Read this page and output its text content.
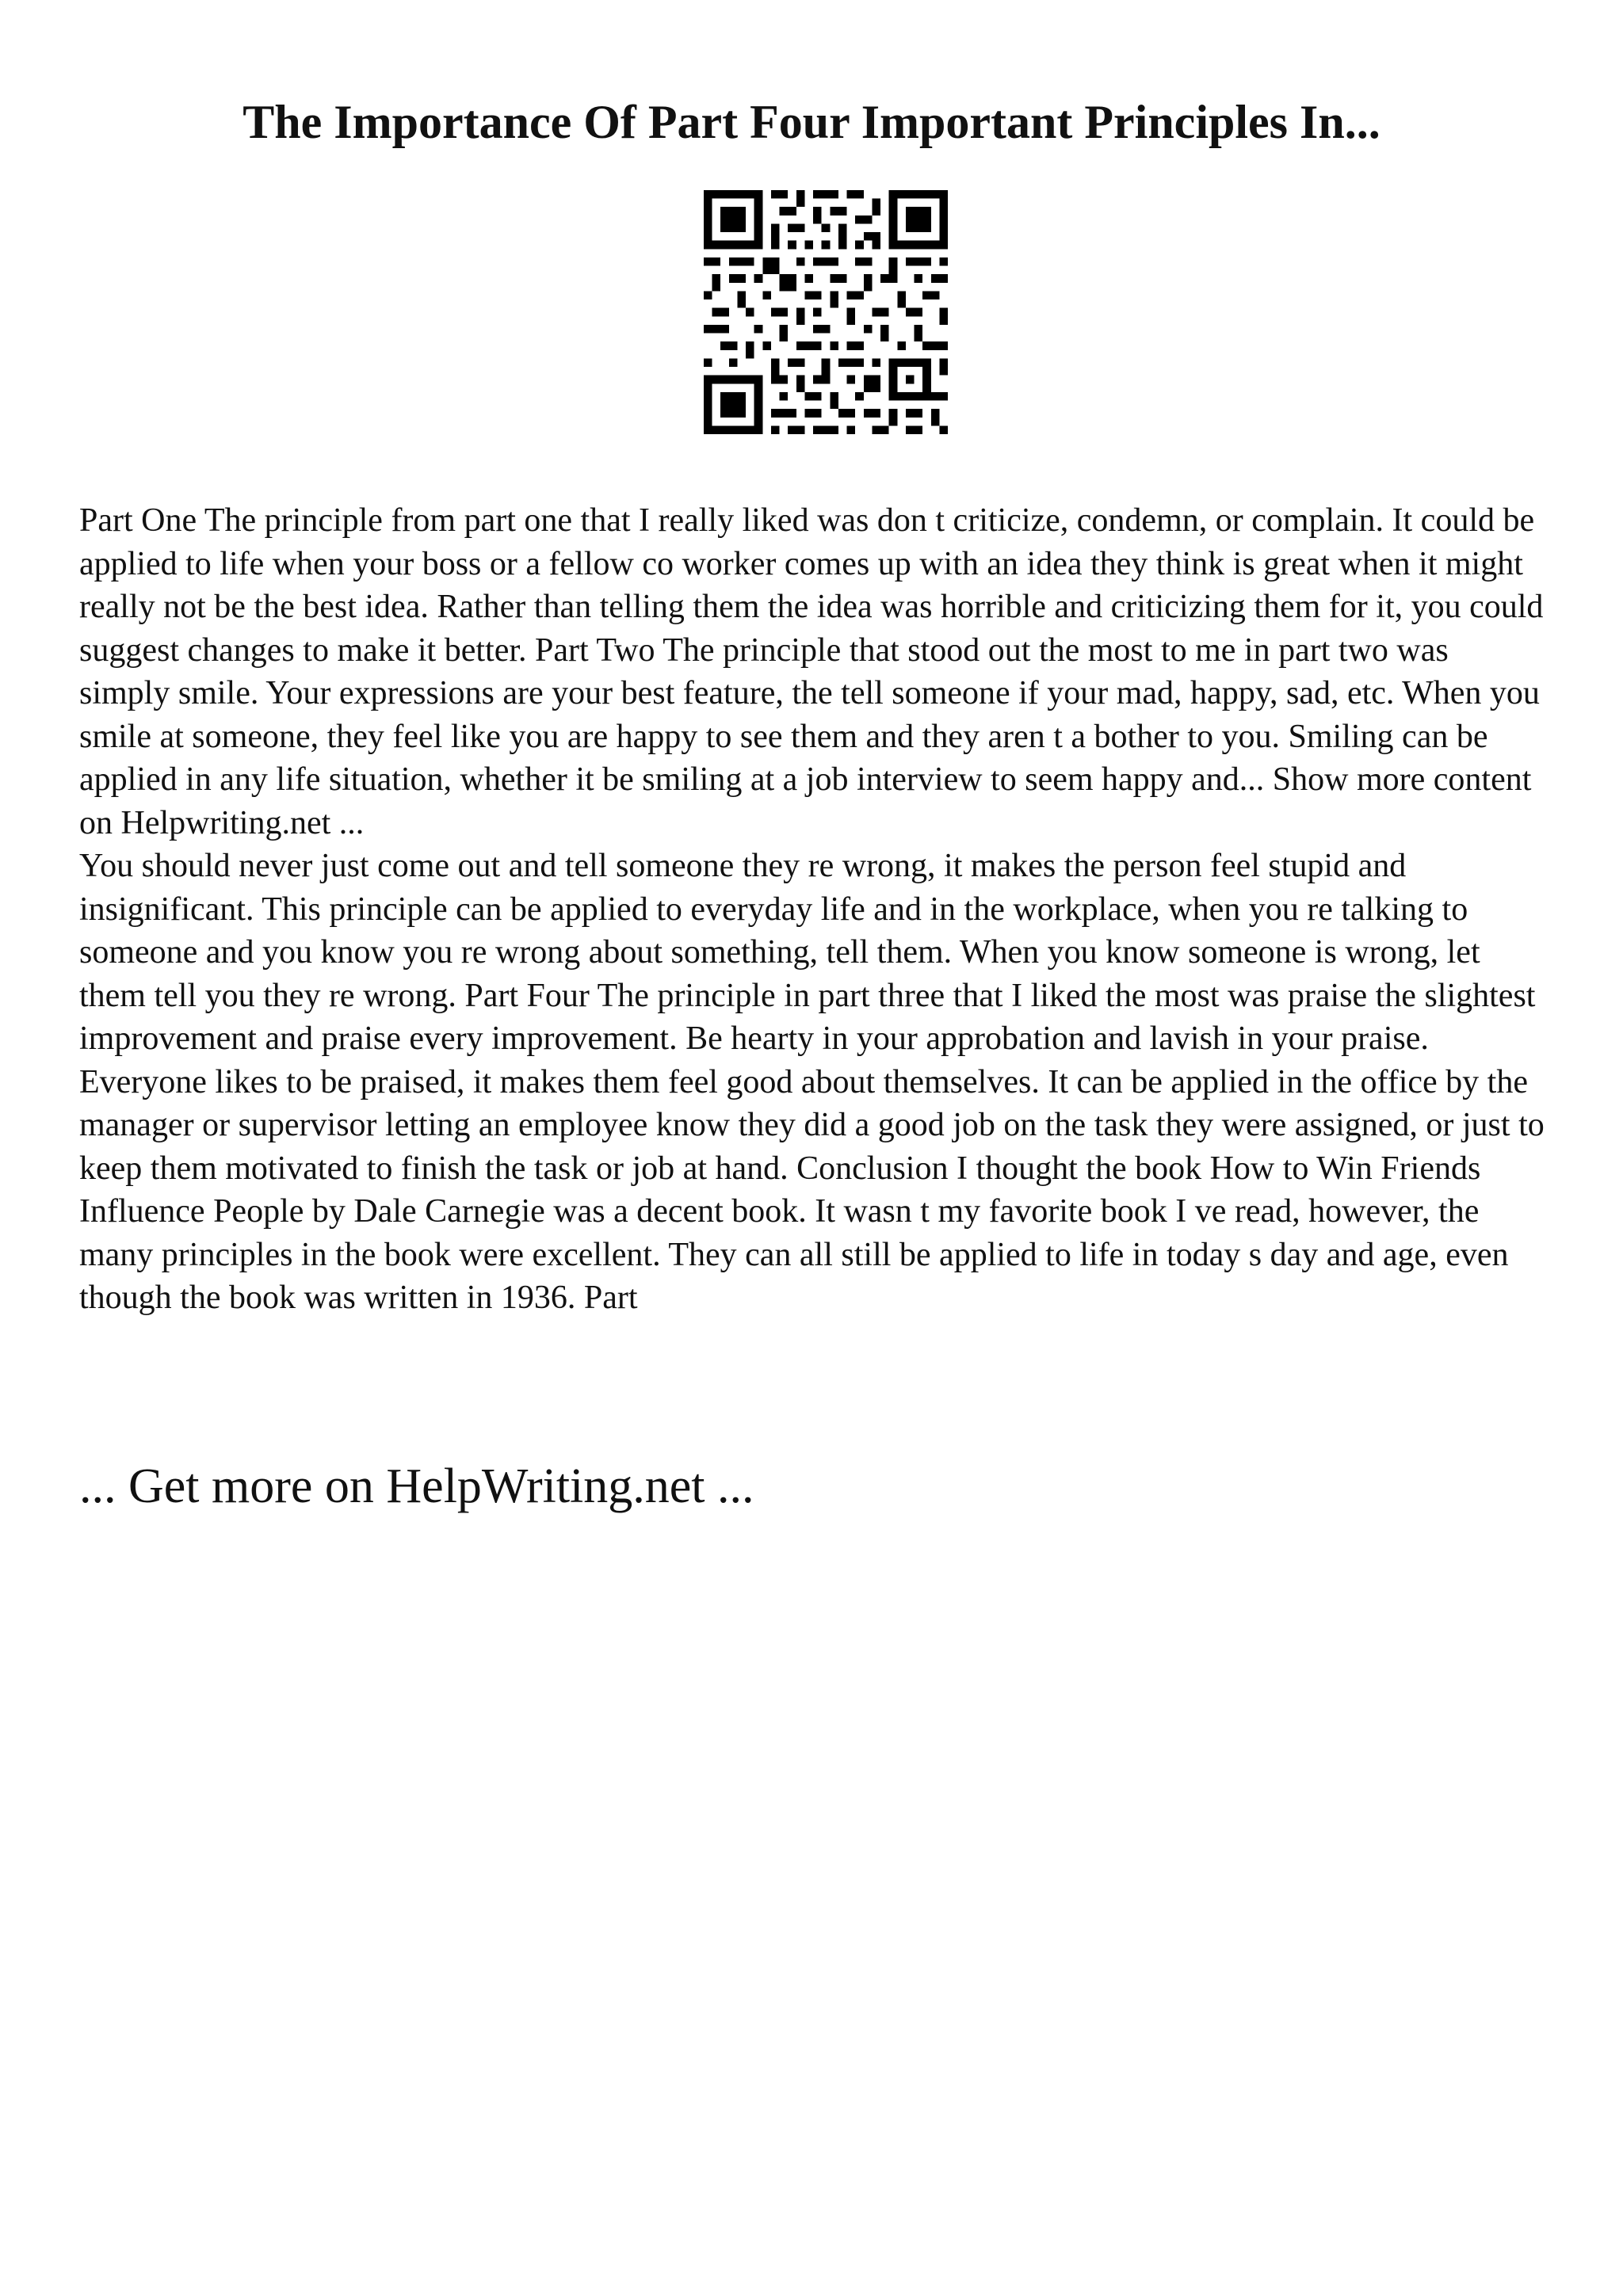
The Importance Of Part Four Important Principles In...

Part One The principle from part one that I really liked was don t criticize, condemn, or complain. It could be applied to life when your boss or a fellow co worker comes up with an idea they think is great when it might really not be the best idea. Rather than telling them the idea was horrible and criticizing them for it, you could suggest changes to make it better. Part Two The principle that stood out the most to me in part two was simply smile. Your expressions are your best feature, the tell someone if your mad, happy, sad, etc. When you smile at someone, they feel like you are happy to see them and they aren t a bother to you. Smiling can be applied in any life situation, whether it be smiling at a job interview to seem happy and... Show more content on Helpwriting.net ...

You should never just come out and tell someone they re wrong, it makes the person feel stupid and insignificant. This principle can be applied to everyday life and in the workplace, when you re talking to someone and you know you re wrong about something, tell them. When you know someone is wrong, let them tell you they re wrong. Part Four The principle in part three that I liked the most was praise the slightest improvement and praise every improvement. Be hearty in your approbation and lavish in your praise. Everyone likes to be praised, it makes them feel good about themselves. It can be applied in the office by the manager or supervisor letting an employee know they did a good job on the task they were assigned, or just to keep them motivated to finish the task or job at hand. Conclusion I thought the book How to Win Friends Influence People by Dale Carnegie was a decent book. It wasn t my favorite book I ve read, however, the many principles in the book were excellent. They can all still be applied to life in today s day and age, even though the book was written in 1936. Part

... Get more on HelpWriting.net ...
